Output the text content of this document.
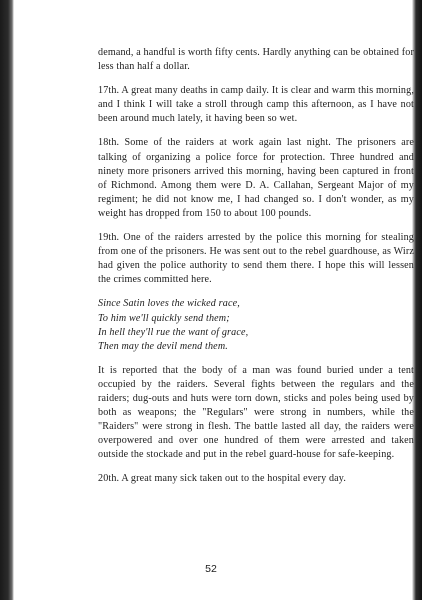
demand, a handful is worth fifty cents. Hardly anything can be obtained for less than half a dollar.

17th. A great many deaths in camp daily. It is clear and warm this morning, and I think I will take a stroll through camp this afternoon, as I have not been around much lately, it having been so wet.

18th. Some of the raiders at work again last night. The prisoners are talking of organizing a police force for protection. Three hundred and ninety more prisoners arrived this morning, having been captured in front of Richmond. Among them were D. A. Callahan, Sergeant Major of my regiment; he did not know me, I had changed so. I don't wonder, as my weight has dropped from 150 to about 100 pounds.

19th. One of the raiders arrested by the police this morning for stealing from one of the prisoners. He was sent out to the rebel guardhouse, as Wirz had given the police authority to send them there. I hope this will lessen the crimes committed here.

Since Satin loves the wicked race,
To him we'll quickly send them;
In hell they'll rue the want of grace,
Then may the devil mend them.

It is reported that the body of a man was found buried under a tent occupied by the raiders. Several fights between the regulars and the raiders; dug-outs and huts were torn down, sticks and poles being used by both as weapons; the "Regulars" were strong in numbers, while the "Raiders" were strong in flesh. The battle lasted all day, the raiders were overpowered and over one hundred of them were arrested and taken outside the stockade and put in the rebel guard-house for safe-keeping.

20th. A great many sick taken out to the hospital every day.

52
